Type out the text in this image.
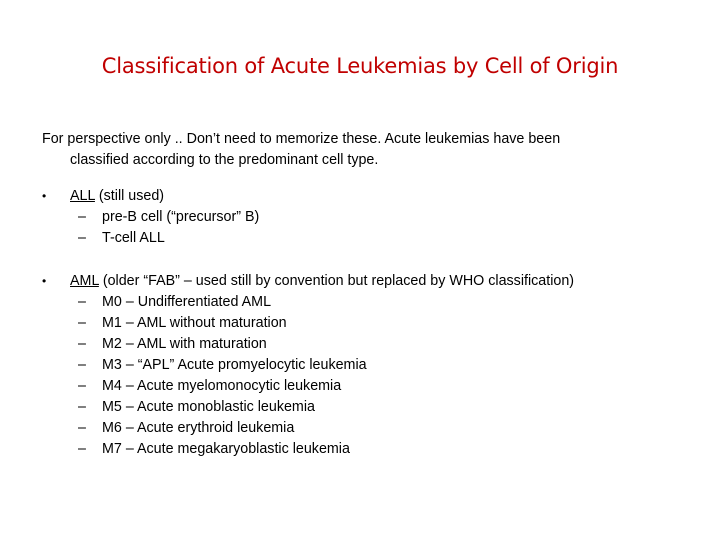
Classification of Acute Leukemias by Cell of Origin
For perspective only .. Don’t need to memorize these. Acute leukemias have been
classified according to the predominant cell type.
•	ALL (still used)
– pre-B cell (“precursor” B)
– T-cell ALL
•	AML (older “FAB” – used still by convention but replaced by WHO classification)
– M0 – Undifferentiated AML
– M1 – AML without maturation
– M2 – AML with maturation
– M3 – “APL” Acute promyelocytic leukemia
– M4 – Acute myelomonocytic leukemia
– M5 – Acute monoblastic leukemia
– M6 – Acute erythroid leukemia
– M7 – Acute megakaryoblastic leukemia
